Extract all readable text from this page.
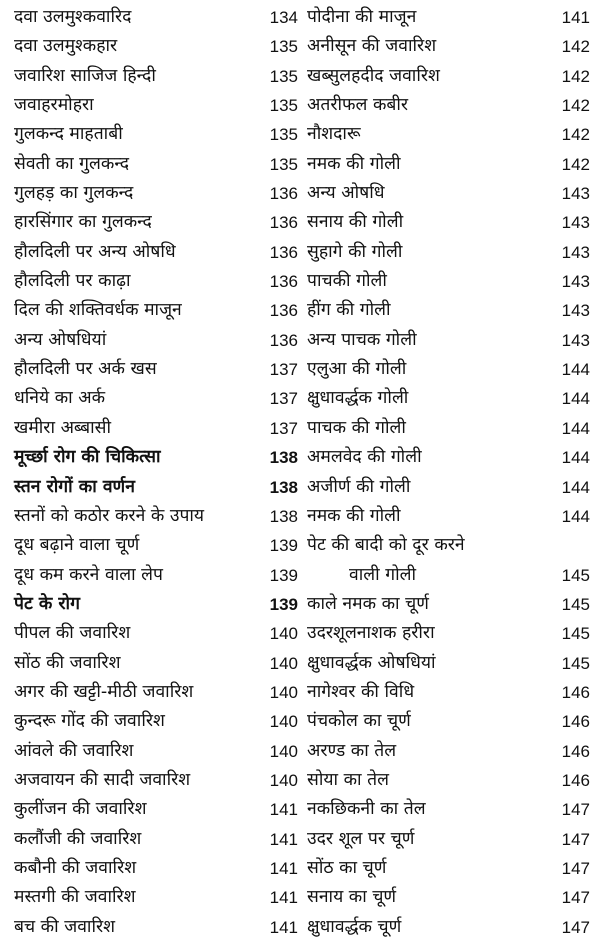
दवा उलमुश्कवारिद	134
दवा उलमुश्कहार	135
जवारिश साजिज हिन्दी	135
जवाहरमोहरा	135
गुलकन्द माहताबी	135
सेवती का गुलकन्द	135
गुलहड़ का गुलकन्द	136
हारसिंगार का गुलकन्द	136
हौलदिली पर अन्य ओषधि	136
हौलदिली पर काढ़ा	136
दिल की शक्तिवर्धक माजून	136
अन्य ओषधियां	136
हौलदिली पर अर्क खस	137
धनिये का अर्क	137
खमीरा अब्बासी	137
मूर्च्छा रोग की चिकित्सा	138
स्तन रोगों का वर्णन	138
स्तनों को कठोर करने के उपाय	138
दूध बढ़ाने वाला चूर्ण	139
दूध कम करने वाला लेप	139
पेट के रोग	139
पीपल की जवारिश	140
सोंठ की जवारिश	140
अगर की खट्टी-मीठी जवारिश	140
कुन्दरू गोंद की जवारिश	140
आंवले की जवारिश	140
अजवायन की सादी जवारिश	140
कुलींजन की जवारिश	141
कलौंजी की जवारिश	141
कबौनी की जवारिश	141
मस्तगी की जवारिश	141
बच की जवारिश	141
पोदीना की माजून	141
अनीसून की जवारिश	142
खब्सुलहदीद जवारिश	142
अतरीफल कबीर	142
नौशदारू	142
नमक की गोली	142
अन्य ओषधि	143
सनाय की गोली	143
सुहागे की गोली	143
पाचकी गोली	143
हींग की गोली	143
अन्य पाचक गोली	143
एलुआ की गोली	144
क्षुधावर्द्धक गोली	144
पाचक की गोली	144
अमलवेद की गोली	144
अजीर्ण की गोली	144
नमक की गोली	144
पेट की बादी को दूर करने
वाली गोली	145
काले नमक का चूर्ण	145
उदरशूलनाशक हरीरा	145
क्षुधावर्द्धक ओषधियां	145
नागेश्वर की विधि	146
पंचकोल का चूर्ण	146
अरण्ड का तेल	146
सोया का तेल	146
नकछिकनी का तेल	147
उदर शूल पर चूर्ण	147
सोंठ का चूर्ण	147
सनाय का चूर्ण	147
क्षुधावर्द्धक चूर्ण	147
